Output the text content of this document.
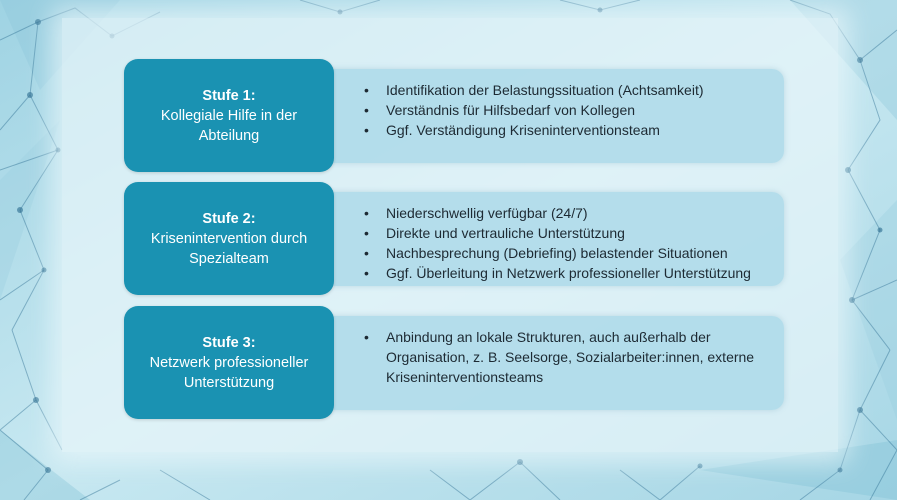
Stufe 1:
Kollegiale Hilfe in der Abteilung
• Identifikation der Belastungssituation (Achtsamkeit)
• Verständnis für Hilfsbedarf von Kollegen
• Ggf. Verständigung Kriseninterventionsteam
Stufe 2:
Krisenintervention durch Spezialteam
• Niederschwellig verfügbar (24/7)
• Direkte und vertrauliche Unterstützung
• Nachbesprechung (Debriefing) belastender Situationen
• Ggf. Überleitung in Netzwerk professioneller Unterstützung
Stufe 3:
Netzwerk professioneller Unterstützung
• Anbindung an lokale Strukturen, auch außerhalb der Organisation, z. B. Seelsorge, Sozialarbeiter:innen, externe Kriseninterventionsteams
